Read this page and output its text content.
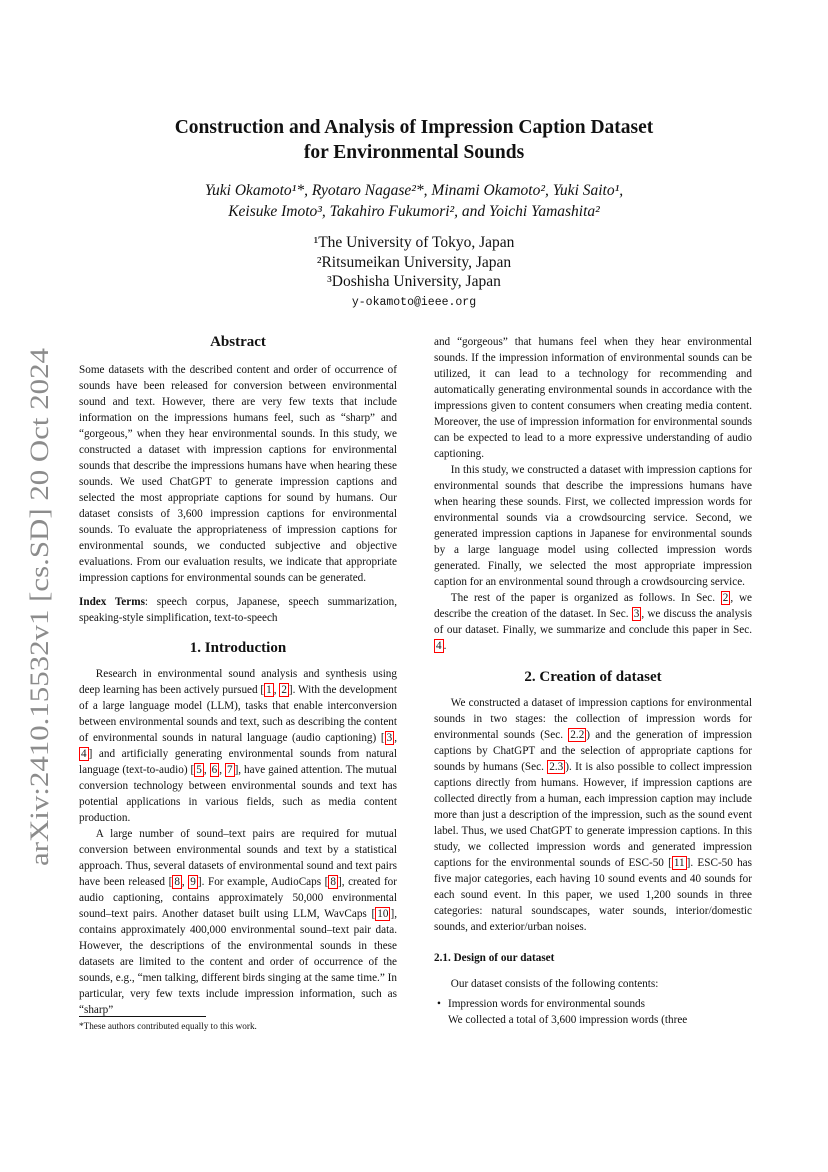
arXiv:2410.15532v1 [cs.SD] 20 Oct 2024
Construction and Analysis of Impression Caption Dataset
for Environmental Sounds
Yuki Okamoto¹*, Ryotaro Nagase²*, Minami Okamoto², Yuki Saito¹,
Keisuke Imoto³, Takahiro Fukumori², and Yoichi Yamashita²
¹The University of Tokyo, Japan
²Ritsumeikan University, Japan
³Doshisha University, Japan
y-okamoto@ieee.org
Abstract

Some datasets with the described content and order of occurrence of sounds have been released for conversion between environmental sound and text. However, there are very few texts that include information on the impressions humans feel, such as “sharp” and “gorgeous,” when they hear environmental sounds. In this study, we constructed a dataset with impression captions for environmental sounds that describe the impressions humans have when hearing these sounds. We used ChatGPT to generate impression captions and selected the most appropriate captions for sound by humans. Our dataset consists of 3,600 impression captions for environmental sounds. To evaluate the appropriateness of impression captions for environmental sounds, we conducted subjective and objective evaluations. From our evaluation results, we indicate that appropriate impression captions for environmental sounds can be generated.

Index Terms: speech corpus, Japanese, speech summarization, speaking-style simplification, text-to-speech

1. Introduction

Research in environmental sound analysis and synthesis using deep learning has been actively pursued [ 1 , 2 ]. With the development of a large language model (LLM), tasks that enable interconversion between environmental sounds and text, such as describing the content of environmental sounds in natural language (audio captioning) [ 3 , 4 ] and artificially generating environmental sounds from natural language (text-to-audio) [ 5 , 6 , 7 ], have gained attention. The mutual conversion technology between environmental sounds and text has potential applications in various fields, such as media content production.

A large number of sound–text pairs are required for mutual conversion between environmental sounds and text by a statistical approach. Thus, several datasets of environmental sound and text pairs have been released [ 8 , 9 ]. For example, AudioCaps [ 8 ], created for audio captioning, contains approximately 50,000 environmental sound–text pairs. Another dataset built using LLM, WavCaps [ 10 ], contains approximately 400,000 environmental sound–text pair data. However, the descriptions of the environmental sounds in these datasets are limited to the content and order of occurrence of the sounds, e.g., “men talking, different birds singing at the same time.” In particular, very few texts include impression information, such as “sharp”

*These authors contributed equally to this work.

and “gorgeous” that humans feel when they hear environmental sounds. If the impression information of environmental sounds can be utilized, it can lead to a technology for recommending and automatically generating environmental sounds in accordance with the impressions given to content consumers when creating media content. Moreover, the use of impression information for environmental sounds can be expected to lead to a more expressive understanding of audio captioning.

In this study, we constructed a dataset with impression captions for environmental sounds that describe the impressions humans have when hearing these sounds. First, we collected impression words for environmental sounds via a crowdsourcing service. Second, we generated impression captions in Japanese for environmental sounds by a large language model using collected impression words generated. Finally, we selected the most appropriate impression caption for an environmental sound through a crowdsourcing service.

The rest of the paper is organized as follows. In Sec. 2 , we describe the creation of the dataset. In Sec. 3 , we discuss the analysis of our dataset. Finally, we summarize and conclude this paper in Sec. 4 .

2. Creation of dataset

We constructed a dataset of impression captions for environmental sounds in two stages: the collection of impression words for environmental sounds (Sec. 2.2 ) and the generation of impression captions by ChatGPT and the selection of appropriate captions for sounds by humans (Sec. 2.3 ). It is also possible to collect impression captions directly from humans. However, if impression captions are collected directly from a human, each impression caption may include more than just a description of the impression, such as the sound event label. Thus, we used ChatGPT to generate impression captions. In this study, we collected impression words and generated impression captions for the environmental sounds of ESC-50 [ 11 ]. ESC-50 has five major categories, each having 10 sound events and 40 sounds for each sound event. In this paper, we used 1,200 sounds in three categories: natural soundscapes, water sounds, interior/domestic sounds, and exterior/urban noises.

2.1. Design of our dataset

Our dataset consists of the following contents:

• Impression words for environmental sounds
We collected a total of 3,600 impression words (three
